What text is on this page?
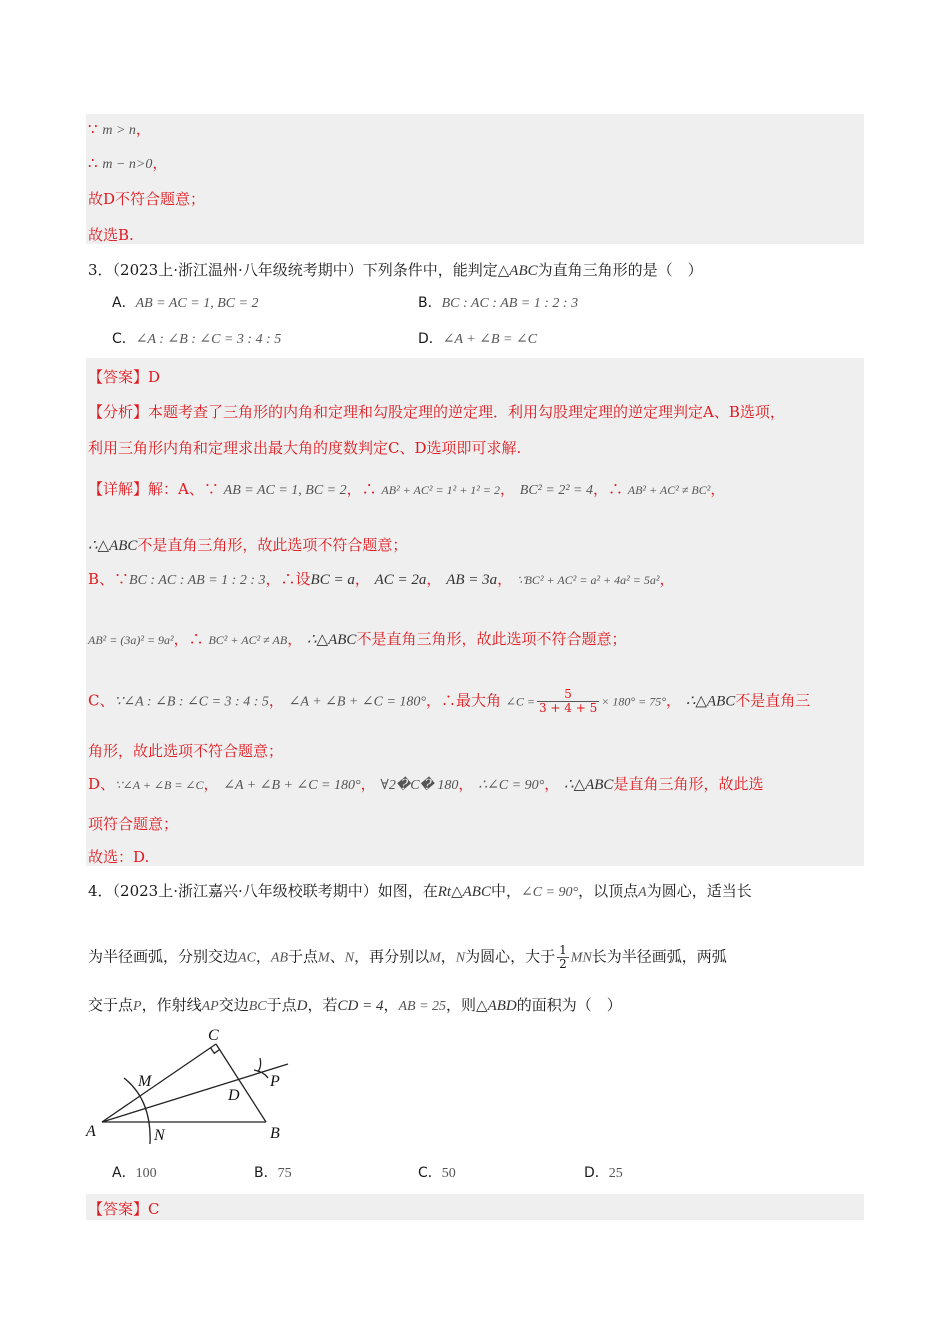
∵ m > n，
∴ m − n>0，
故D不符合题意；
故选B.
3．（2023上·浙江温州·八年级统考期中）下列条件中，能判定△ABC为直角三角形的是（　）
A．AB = AC = 1, BC = 2	B．BC : AC : AB = 1 : 2 : 3
C．∠A : ∠B : ∠C = 3 : 4 : 5	D．∠A + ∠B = ∠C
【答案】D
【分析】本题考查了三角形的内角和定理和勾股定理的逆定理．利用勾股理定理的逆定理判定A、B选项，
利用三角形内角和定理求出最大角的度数判定C、D选项即可求解.
【详解】解：A、∵ AB = AC = 1, BC = 2，∴ AB² + AC² = 1² + 1² = 2， BC² = 2² = 4，∴ AB² + AC² ≠ BC²，
∴△ABC不是直角三角形，故此选项不符合题意；
B、∵BC : AC : AB = 1 : 2 : 3，∴设BC = a， AC = 2a， AB = 3a， ∵BC² + AC² = a² + 4a² = 5a²，
AB² = (3a)² = 9a²，∴ BC² + AC² ≠ AB， ∴△ABC不是直角三角形，故此选项不符合题意；
C、∵∠A : ∠B : ∠C = 3 : 4 : 5， ∠A + ∠B + ∠C = 180°，∴最大角 ∠C = $\frac{5}{3 + 4 + 5} \times 180^\circ = 75^\circ$， ∴△ABC不是直角三
角形，故此选项不符合题意；
D、∵∠A + ∠B = ∠C， ∠A + ∠B + ∠C = 180°， ∀2�C� 180， ∴∠C = 90°， ∴△ABC是直角三角形，故此选
项符合题意；
故选：D.
4．（2023上·浙江嘉兴·八年级校联考期中）如图，在Rt△ABC中，∠C = 90°，以顶点A为圆心，适当长
为半径画弧，分别交边AC，AB于点M、N，再分别以M，N为圆心，大于 $\frac{1}{2}$ MN长为半径画弧，两弧
交于点P，作射线AP交边BC于点D，若CD = 4，AB = 25，则△ABD的面积为（　）
A	B
C
D
M
N
P
A．100	B．75	C．50	D．25
【答案】C
